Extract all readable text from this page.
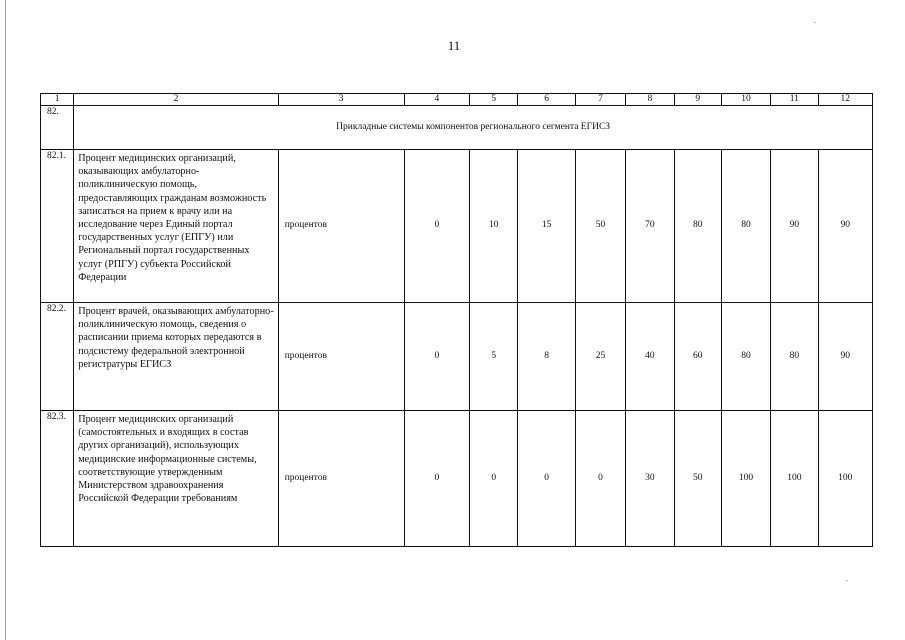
11
1	2	3	4	5	6	7	8	9	10	11	12
82.	Прикладные системы компонентов регионального сегмента ЕГИСЗ										
82.1.	Процент медицинских организаций, оказывающих амбулаторно-поликлиническую помощь, предоставляющих гражданам возможность записаться на прием к врачу или на исследование через Единый портал государственных услуг (ЕПГУ) или Региональный портал государственных услуг (РПГУ) субъекта Российской Федерации	процентов	0	10	15	50	70	80	80	90	90
82.2.	Процент врачей, оказывающих амбулаторно-поликлиническую помощь, сведения о расписании приема которых передаются в подсистему федеральной электронной регистратуры ЕГИСЗ	процентов	0	5	8	25	40	60	80	80	90
82.3.	Процент медицинских организаций (самостоятельных и входящих в состав других организаций), использующих медицинские информационные системы, соответствующие утвержденным Министерством здравоохранения Российской Федерации требованиям	процентов	0	0	0	0	30	50	100	100	100
